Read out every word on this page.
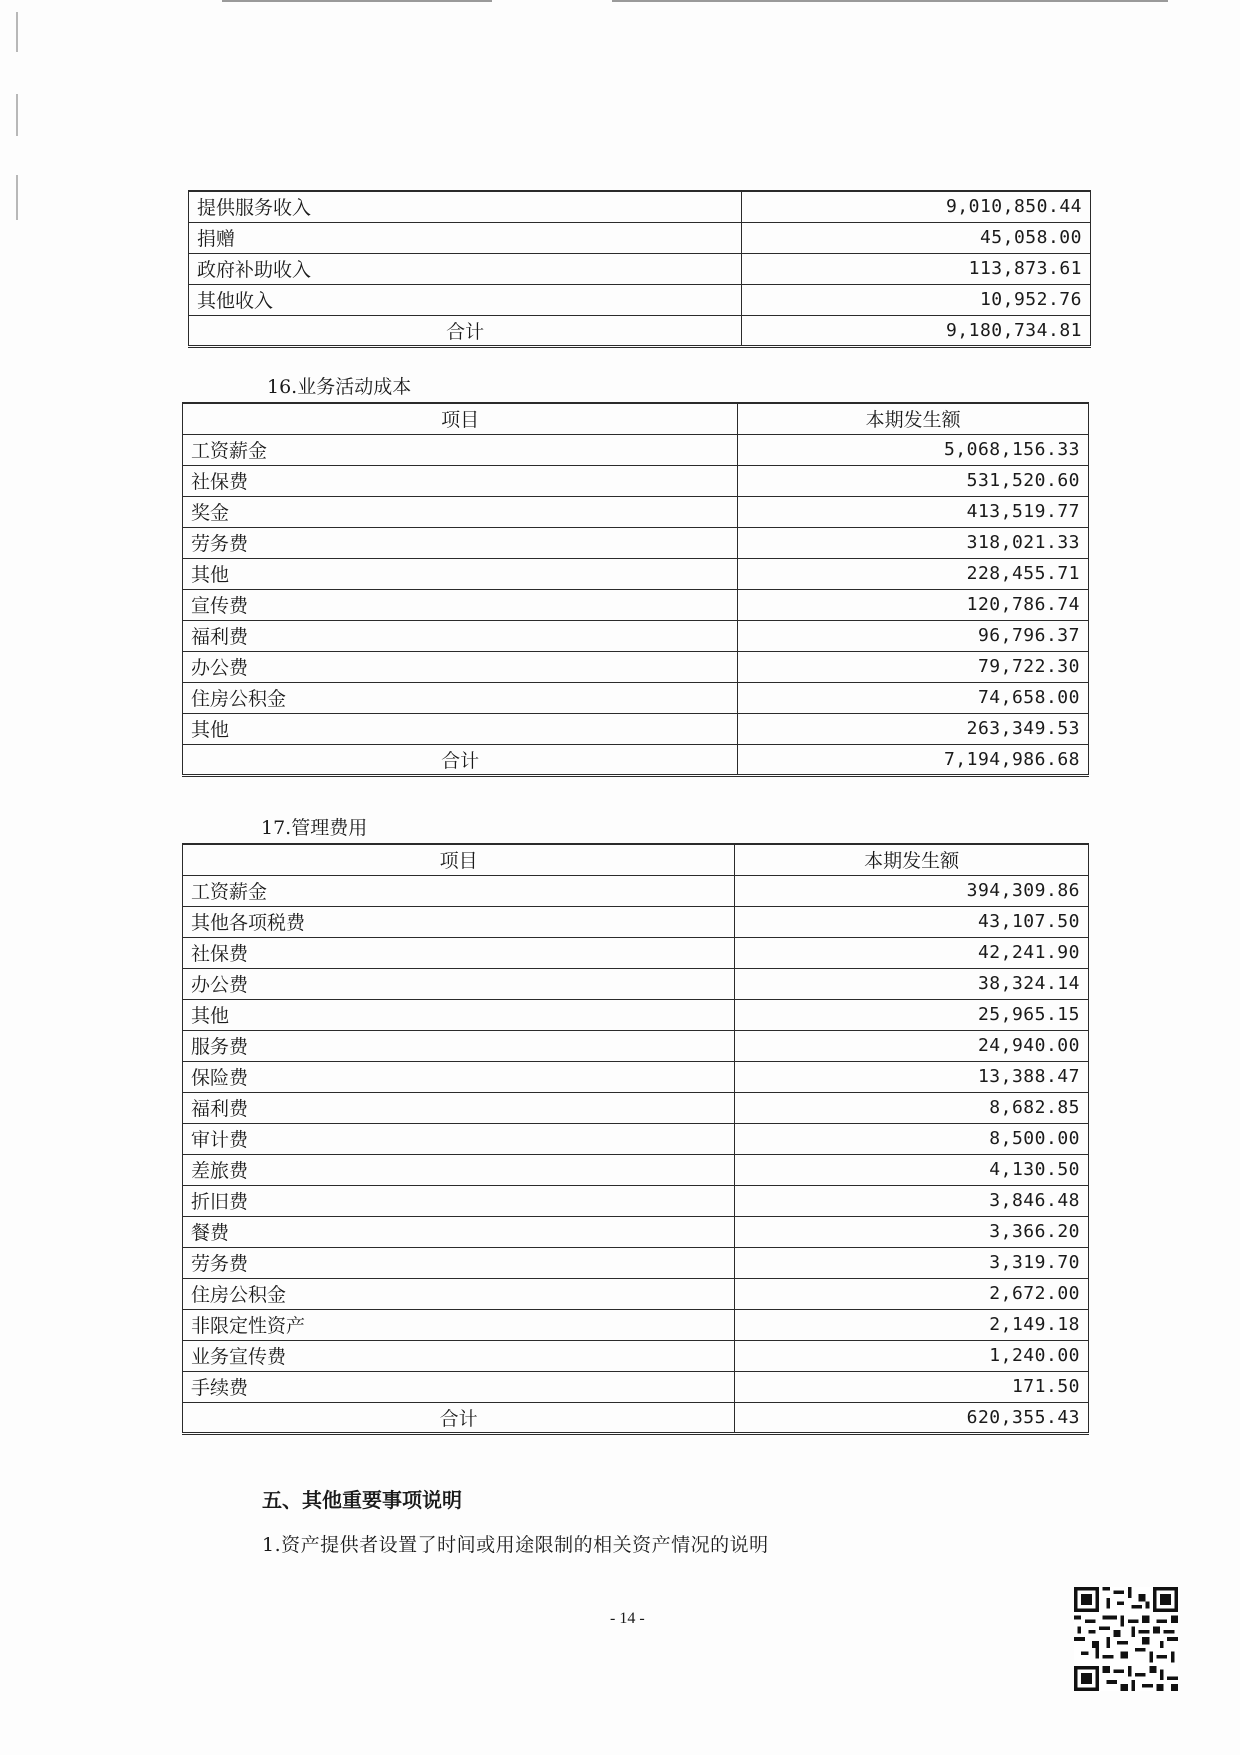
提供服务收入	9,010,850.44
捐赠	45,058.00
政府补助收入	113,873.61
其他收入	10,952.76
合计	9,180,734.81
16.业务活动成本
项目	本期发生额
工资薪金	5,068,156.33
社保费	531,520.60
奖金	413,519.77
劳务费	318,021.33
其他	228,455.71
宣传费	120,786.74
福利费	96,796.37
办公费	79,722.30
住房公积金	74,658.00
其他	263,349.53
合计	7,194,986.68
17.管理费用
项目	本期发生额
工资薪金	394,309.86
其他各项税费	43,107.50
社保费	42,241.90
办公费	38,324.14
其他	25,965.15
服务费	24,940.00
保险费	13,388.47
福利费	8,682.85
审计费	8,500.00
差旅费	4,130.50
折旧费	3,846.48
餐费	3,366.20
劳务费	3,319.70
住房公积金	2,672.00
非限定性资产	2,149.18
业务宣传费	1,240.00
手续费	171.50
合计	620,355.43
五、其他重要事项说明
1.资产提供者设置了时间或用途限制的相关资产情况的说明
- 14 -
